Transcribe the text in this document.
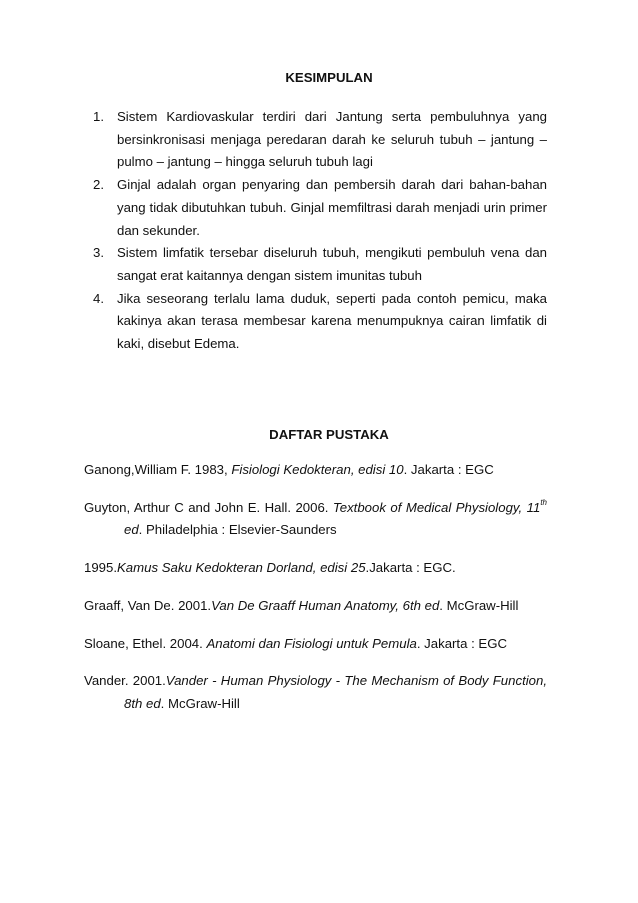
KESIMPULAN
1. Sistem Kardiovaskular terdiri dari Jantung serta pembuluhnya yang bersinkronisasi menjaga peredaran darah ke seluruh tubuh – jantung – pulmo – jantung – hingga seluruh tubuh lagi
2. Ginjal adalah organ penyaring dan pembersih darah dari bahan-bahan yang tidak dibutuhkan tubuh. Ginjal memfiltrasi darah menjadi urin primer dan sekunder.
3. Sistem limfatik tersebar diseluruh tubuh, mengikuti pembuluh vena dan sangat erat kaitannya dengan sistem imunitas tubuh
4. Jika seseorang terlalu lama duduk, seperti pada contoh pemicu, maka kakinya akan terasa membesar karena menumpuknya cairan limfatik di kaki, disebut Edema.
DAFTAR PUSTAKA
Ganong,William F. 1983, Fisiologi Kedokteran, edisi 10. Jakarta : EGC
Guyton, Arthur C and John E. Hall. 2006. Textbook of Medical Physiology, 11th ed. Philadelphia : Elsevier-Saunders
1995.Kamus Saku Kedokteran Dorland, edisi 25.Jakarta : EGC.
Graaff, Van De. 2001.Van De Graaff Human Anatomy, 6th ed. McGraw-Hill
Sloane, Ethel. 2004. Anatomi dan Fisiologi untuk Pemula. Jakarta : EGC
Vander. 2001.Vander - Human Physiology - The Mechanism of Body Function, 8th ed. McGraw-Hill
